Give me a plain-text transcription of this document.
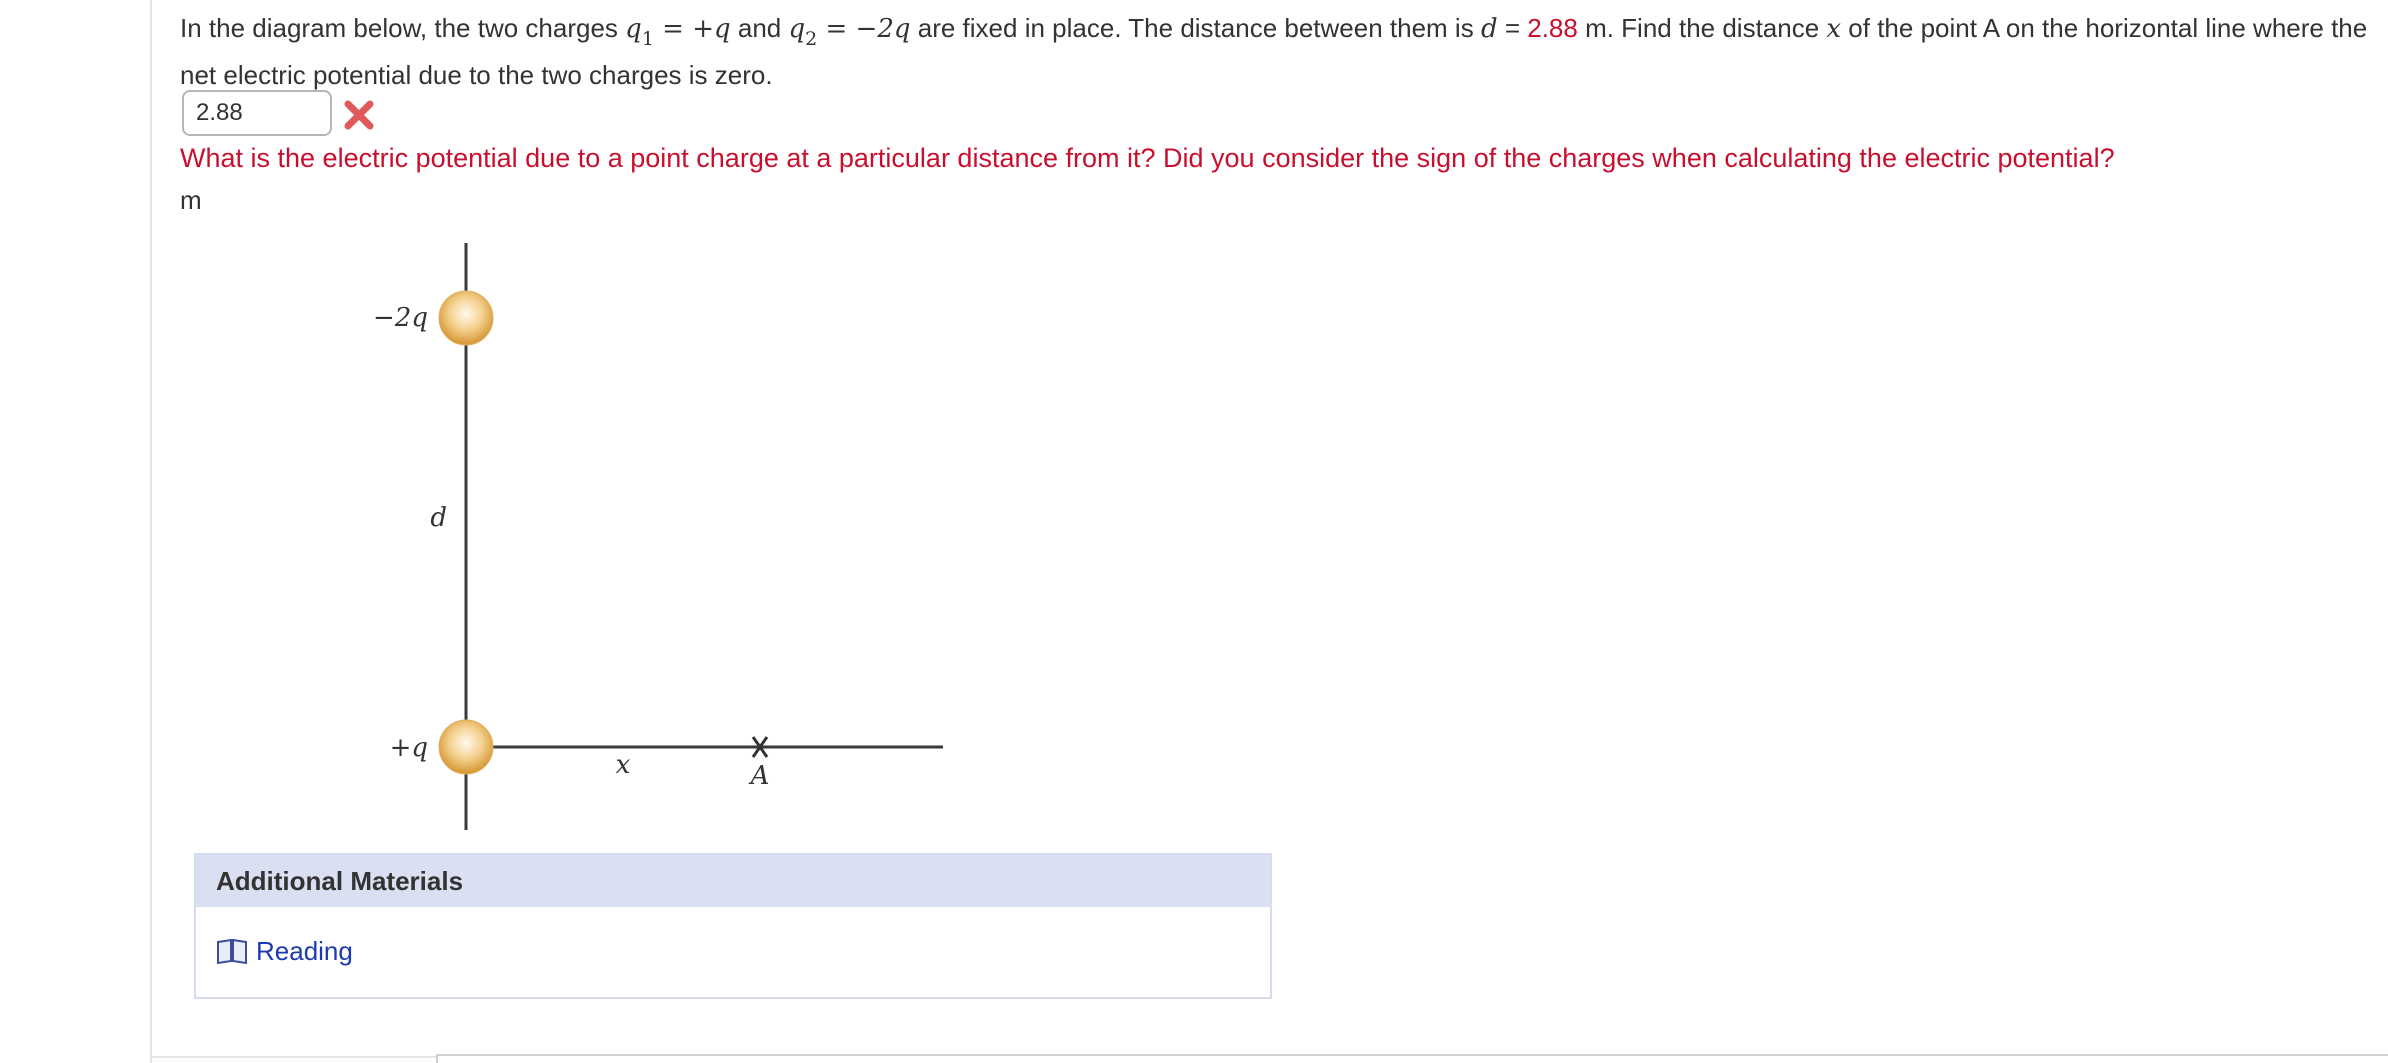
In the diagram below, the two charges $q_1 = +q$ and $q_2 = -2q$ are fixed in place. The distance between them is d = 2.88 m. Find the distance x of the point A on the horizontal line where the net electric potential due to the two charges is zero.
2.88
What is the electric potential due to a point charge at a particular distance from it? Did you consider the sign of the charges when calculating the electric potential?
m
−2q
+q
d
x	A
Additional Materials
Reading
